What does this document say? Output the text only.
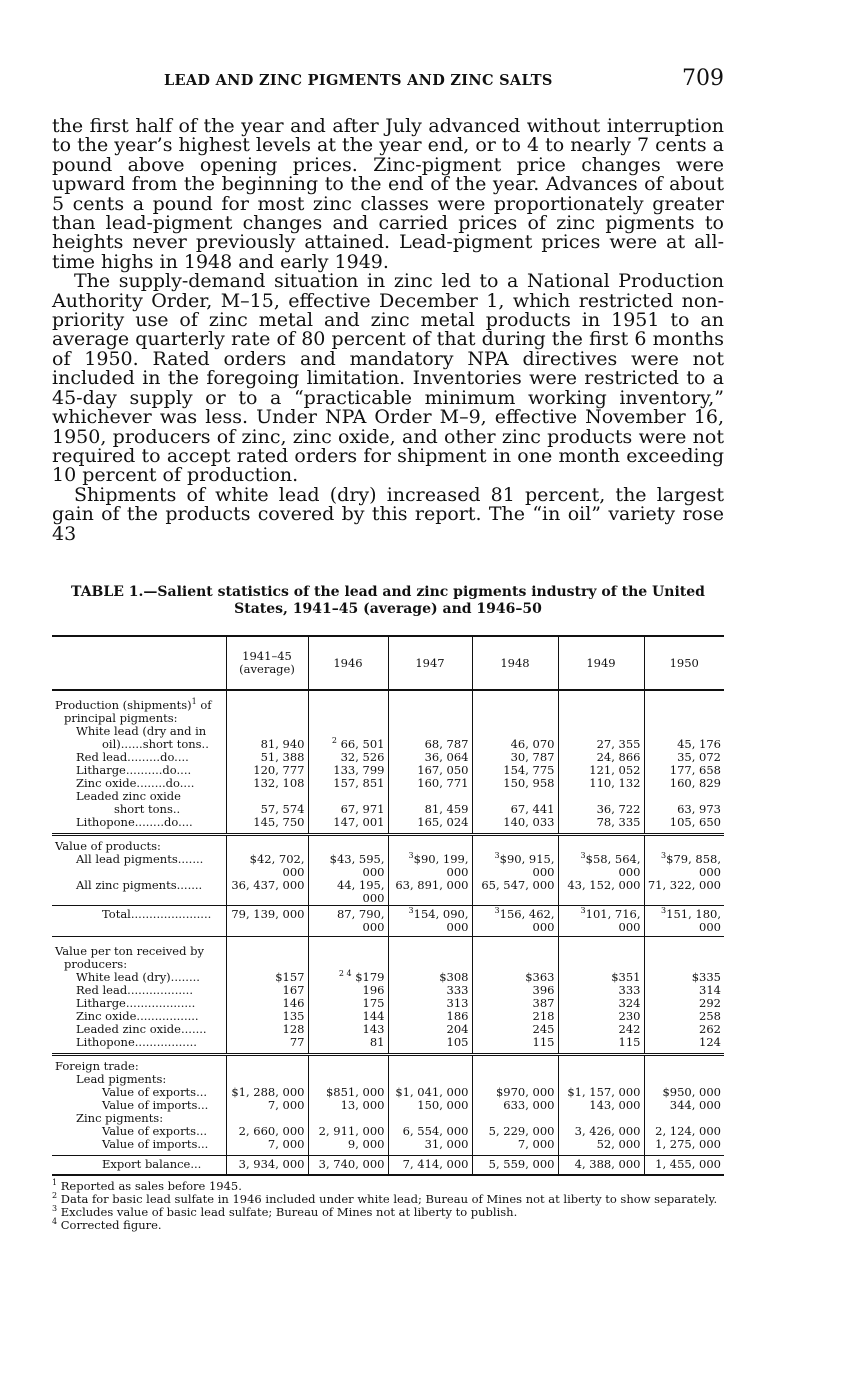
LEAD AND ZINC PIGMENTS AND ZINC SALTS	709

the first half of the year and after July advanced without interruption to the year’s highest levels at the year end, or to 4 to nearly 7 cents a pound above opening prices. Zinc-pigment price changes were upward from the beginning to the end of the year. Advances of about 5 cents a pound for most zinc classes were proportionately greater than lead-pigment changes and carried prices of zinc pigments to heights never previously attained. Lead-pigment prices were at all-time highs in 1948 and early 1949.

The supply-demand situation in zinc led to a National Production Authority Order, M–15, effective December 1, which restricted non-priority use of zinc metal and zinc metal products in 1951 to an average quarterly rate of 80 percent of that during the first 6 months of 1950. Rated orders and mandatory NPA directives were not included in the foregoing limitation. Inventories were restricted to a 45-day supply or to a “practicable minimum working inventory,” whichever was less. Under NPA Order M–9, effective November 16, 1950, producers of zinc, zinc oxide, and other zinc products were not required to accept rated orders for shipment in one month exceeding 10 percent of production.

Shipments of white lead (dry) increased 81 percent, the largest gain of the products covered by this report. The “in oil” variety rose 43

TABLE 1.—Salient statistics of the lead and zinc pigments industry of the United
States, 1941–45 (average) and 1946–50
	1941–45 (average)	1946	1947	1948	1949	1950
Production (shipments)$^1$ of						
principal pigments:						
White lead (dry and in						
oil)......short tons..	81, 940	$^2$ 66, 501	68, 787	46, 070	27, 355	45, 176
Red lead.........do....	51, 388	32, 526	36, 064	30, 787	24, 866	35, 072
Litharge..........do....	120, 777	133, 799	167, 050	154, 775	121, 052	177, 658
Zinc oxide........do....	132, 108	157, 851	160, 771	150, 958	110, 132	160, 829
Leaded zinc oxide						
short tons..	57, 574	67, 971	81, 459	67, 441	36, 722	63, 973
Lithopone........do....	145, 750	147, 001	165, 024	140, 033	78, 335	105, 650
Value of products:						
All lead pigments.......	$42, 702, 000	$43, 595, 000	$^3$\$90, 199, 000	$^3$\$90, 915, 000	$^3$\$58, 564, 000	$^3$\$79, 858, 000
All zinc pigments.......	36, 437, 000	44, 195, 000	63, 891, 000	65, 547, 000	43, 152, 000	71, 322, 000
Total......................	79, 139, 000	87, 790, 000	$^3$154, 090, 000	$^3$156, 462, 000	$^3$101, 716, 000	$^3$151, 180, 000
Value per ton received by						
producers:						
White lead (dry)........	$157	$^{2 4}$ $179	$308	$363	$351	$335
Red lead..................	167	196	333	396	333	314
Litharge...................	146	175	313	387	324	292
Zinc oxide.................	135	144	186	218	230	258
Leaded zinc oxide.......	128	143	204	245	242	262
Lithopone.................	77	81	105	115	115	124
Foreign trade:						
Lead pigments:						
Value of exports...	$1, 288, 000	$851, 000	$1, 041, 000	$970, 000	$1, 157, 000	$950, 000
Value of imports...	7, 000	13, 000	150, 000	633, 000	143, 000	344, 000
Zinc pigments:						
Value of exports...	2, 660, 000	2, 911, 000	6, 554, 000	5, 229, 000	3, 426, 000	2, 124, 000
Value of imports...	7, 000	9, 000	31, 000	7, 000	52, 000	1, 275, 000
Export balance...	3, 934, 000	3, 740, 000	7, 414, 000	5, 559, 000	4, 388, 000	1, 455, 000
$^1$ Reported as sales before 1945.
$^2$ Data for basic lead sulfate in 1946 included under white lead; Bureau of Mines not at liberty to show separately.
$^3$ Excludes value of basic lead sulfate; Bureau of Mines not at liberty to publish.
$^4$ Corrected figure.
